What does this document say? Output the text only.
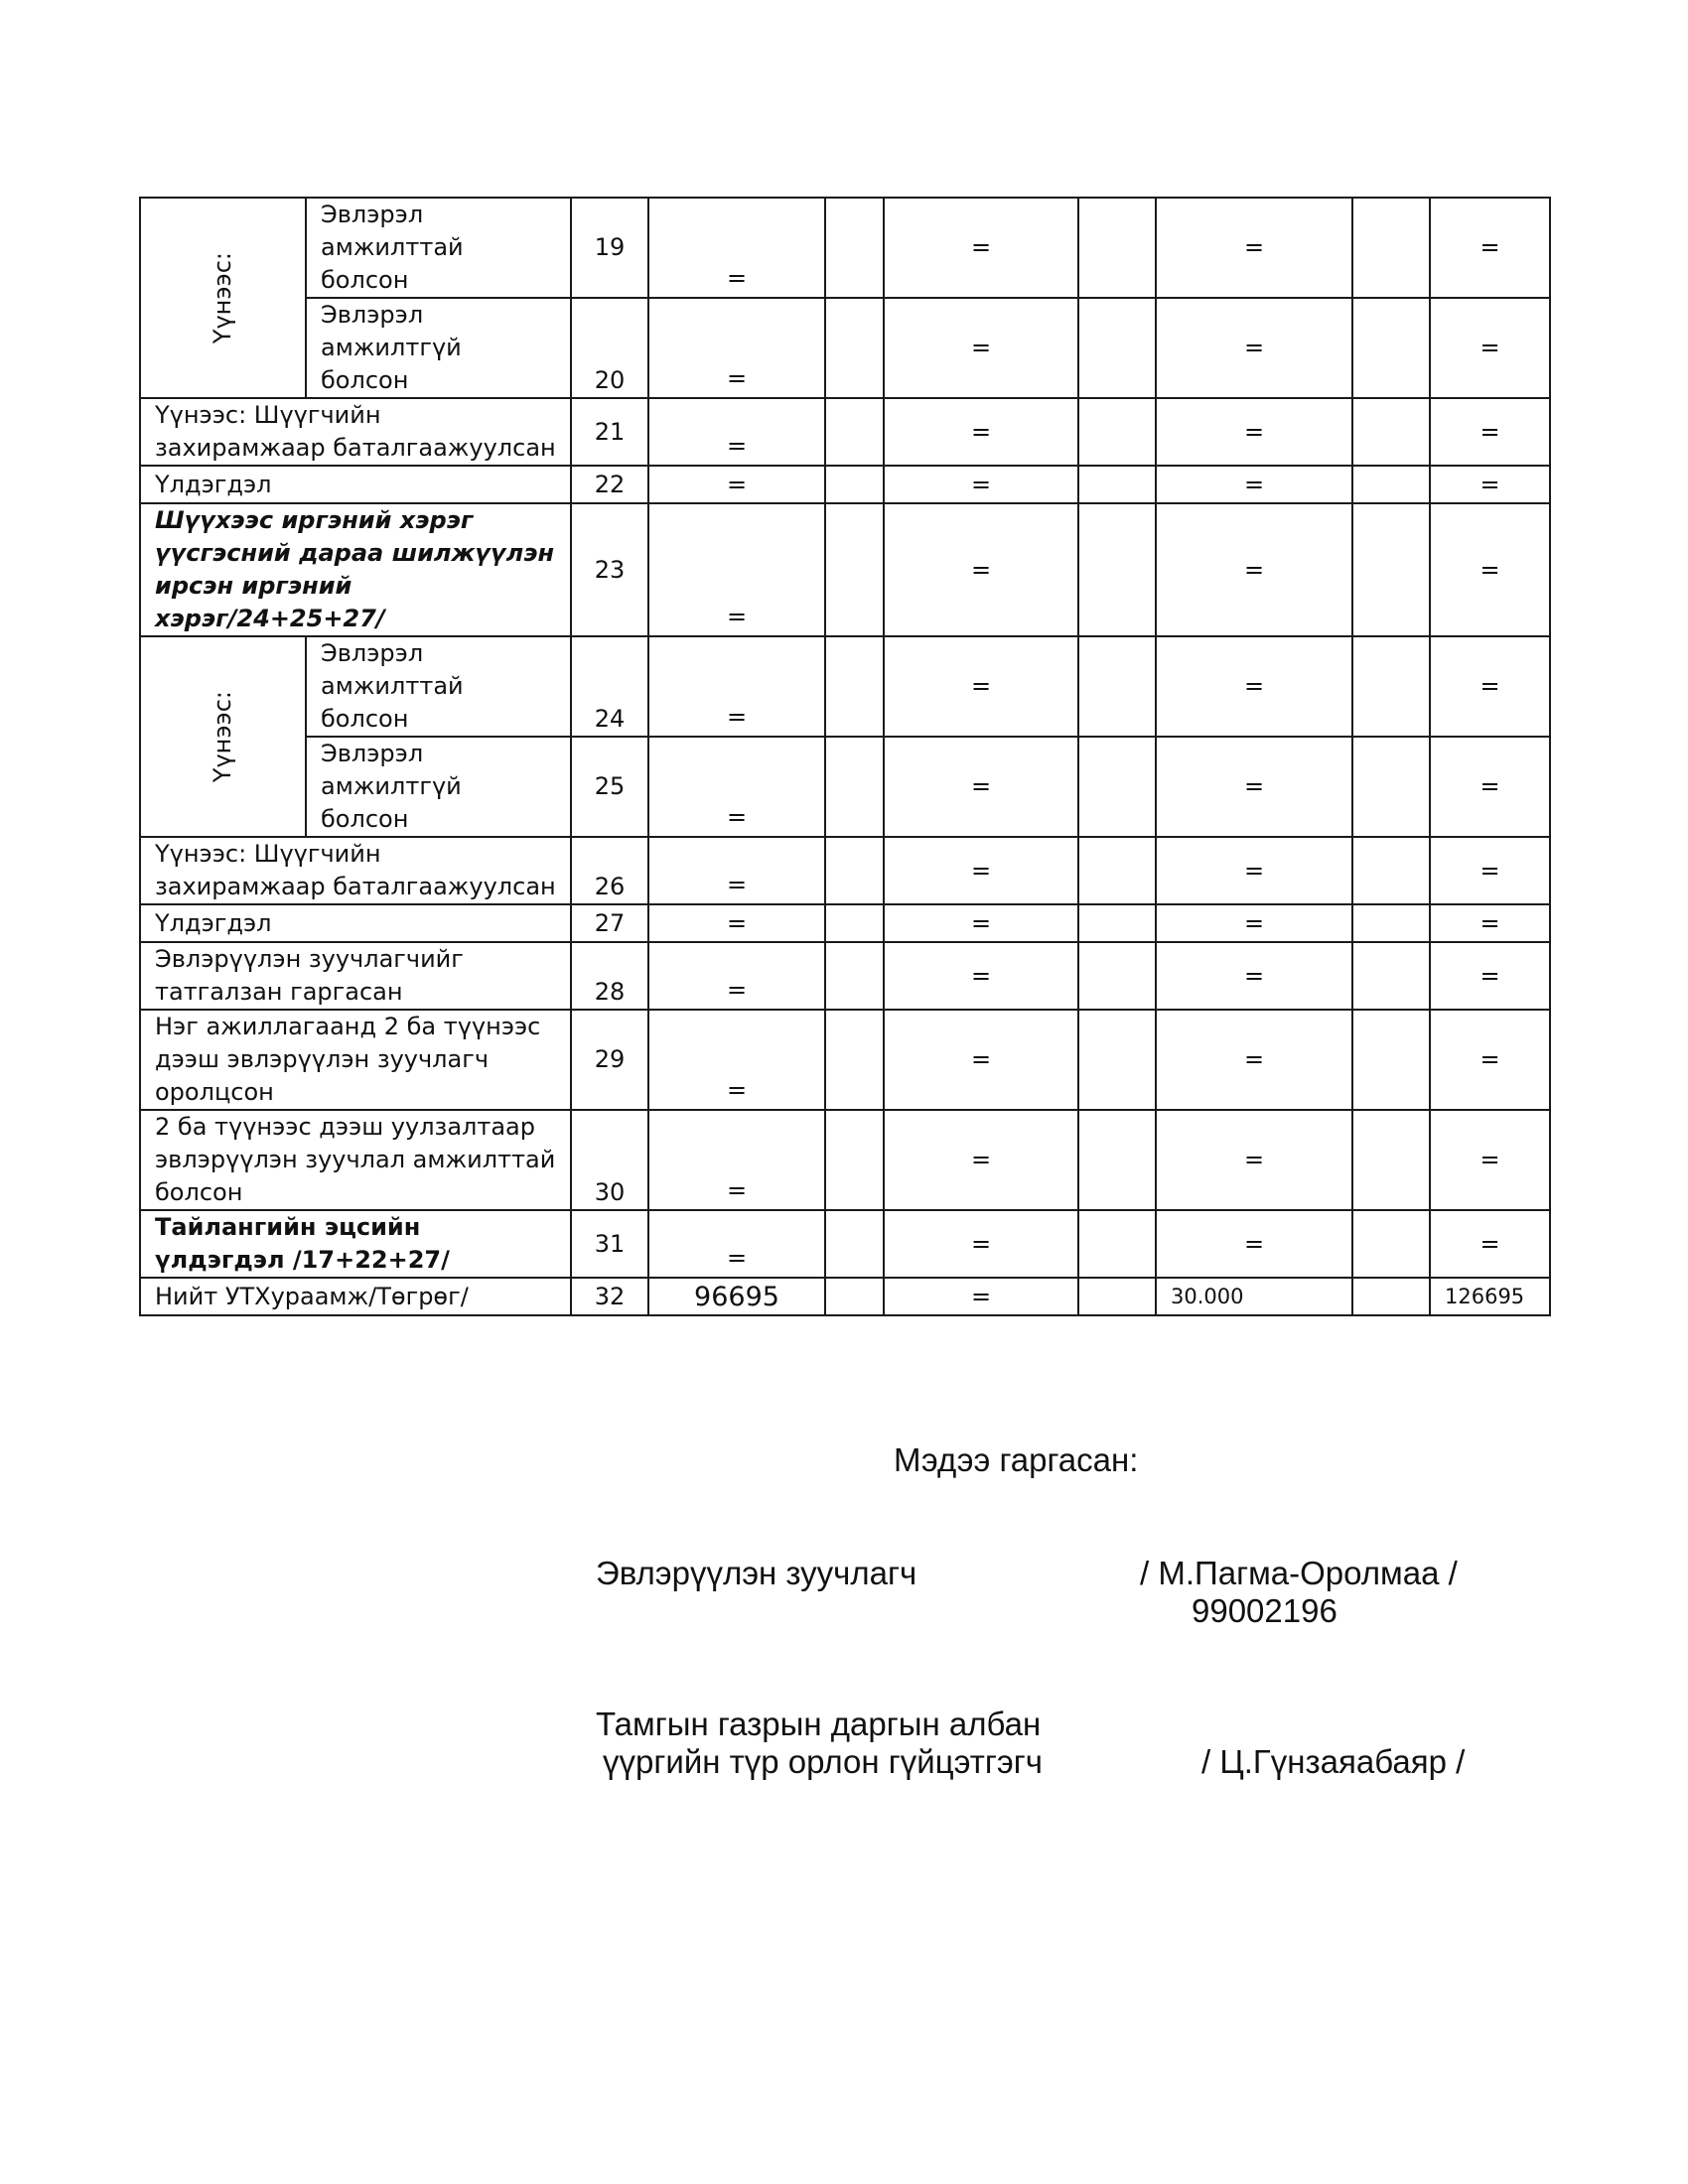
Үүнээс:	Эвлэрэл амжилттай болсон	19	=		=		=		=
	Эвлэрэл амжилтгүй болсон	20	=		=		=		=
Үүнээс: Шүүгчийн захирамжаар баталгаажуулсан		21	=		=		=		=
Үлдэгдэл		22	=		=		=		=
Шүүхээс иргэний хэрэг үүсгэсний дараа шилжүүлэн ирсэн иргэний хэрэг/24+25+27/		23	=		=		=		=

Үүнээс:	Эвлэрэл амжилттай болсон	24	=		=		=		=
	Эвлэрэл амжилтгүй болсон	25	=		=		=		=
Үүнээс: Шүүгчийн захирамжаар баталгаажуулсан		26	=		=		=		=
Үлдэгдэл		27	=		=		=		=
Эвлэрүүлэн зуучлагчийг татгалзан гаргасан		28	=		=		=		=
Нэг ажиллагаанд 2 ба түүнээс дээш эвлэрүүлэн зуучлагч оролцсон		29	=		=		=		=
2 ба түүнээс дээш уулзалтаар эвлэрүүлэн зуучлал амжилттай болсон		30	=		=		=		=
Тайлангийн эцсийн үлдэгдэл /17+22+27/		31	=		=		=		=
Нийт УТХураамж/Төгрөг/		32	96695		=		30.000		126695
Мэдээ гаргасан:
Эвлэрүүлэн зуучлагч	/ М.Пагма-Оролмаа /
99002196
Тамгын газрын даргын албан
үүргийн түр орлон гүйцэтгэгч	/ Ц.Гүнзаяабаяр /
